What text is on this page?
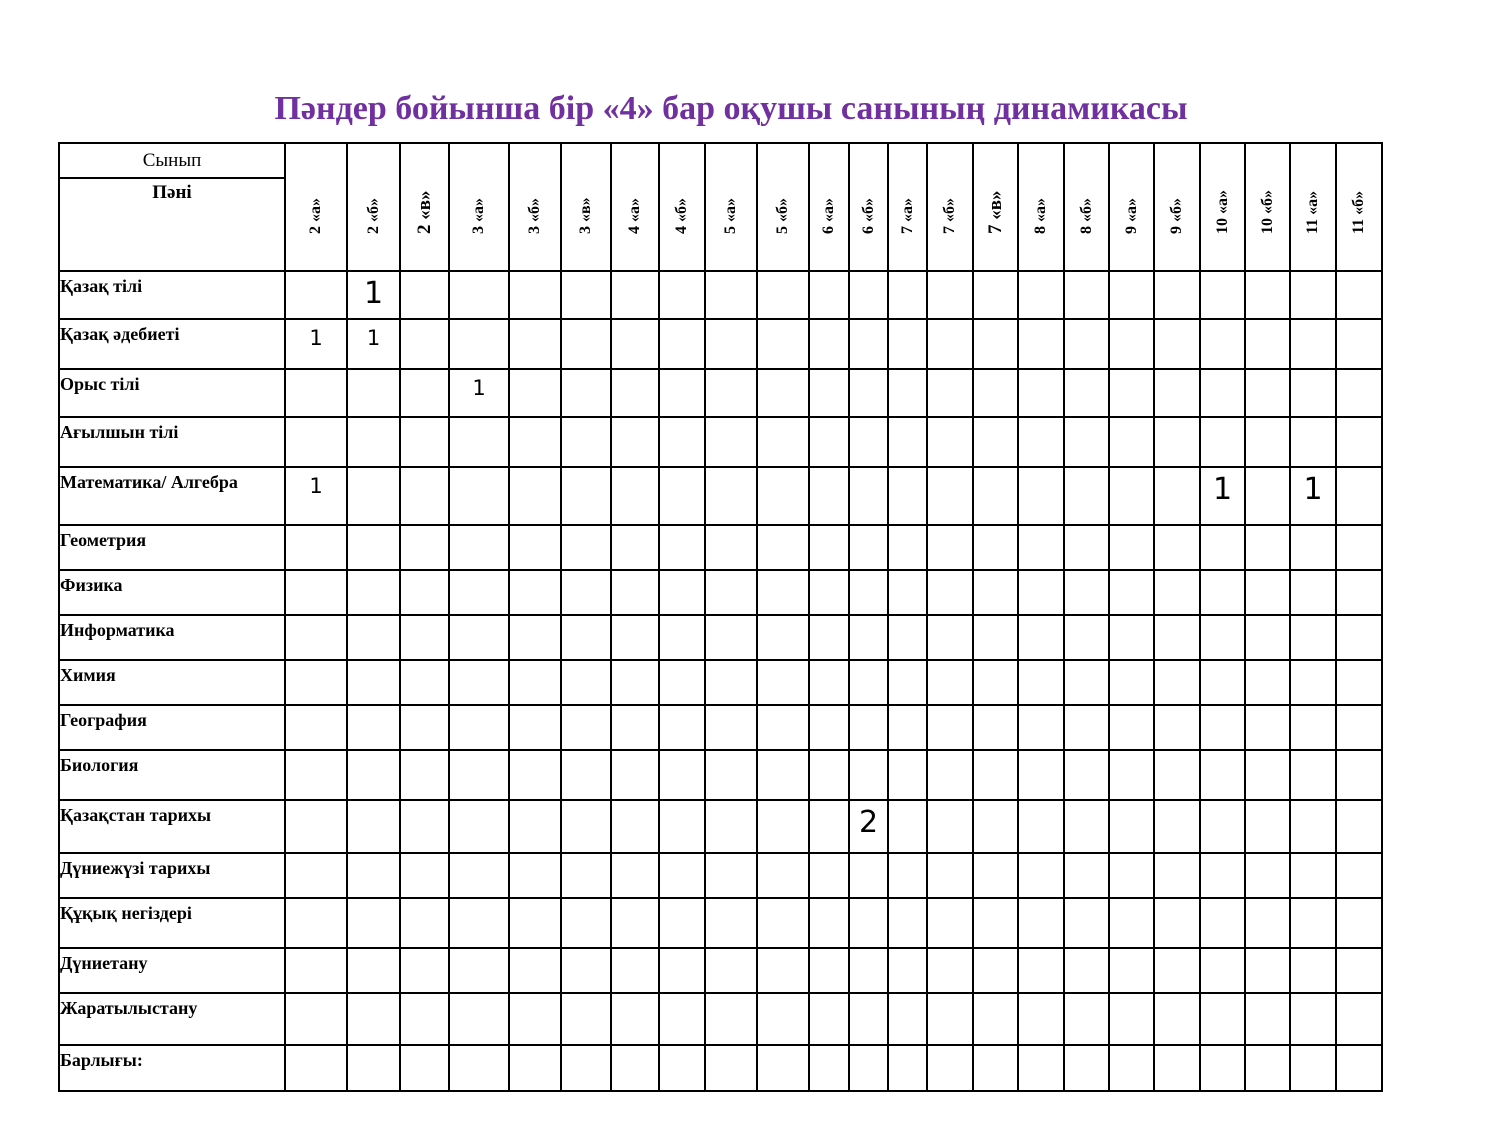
Пәндер бойынша бір «4» бар оқушы санының динамикасы
Сынып
Пәні	2 «а»	2 «б»	2 «в»	3 «а»	3 «б»	3 «в»	4 «а»	4 «б»	5 «а»	5 «б»	6 «а»	6 «б»	7 «а»	7 «б»	7 «в»	8 «а»	8 «б»	9 «а»	9 «б»	10 «а»	10 «б»	11 «а»	11 «б»

Қазақ тілі		1																					

Қазақ әдебиеті	1	1																					

Орыс тілі				1																			

Ағылшын тілі	

Математика/ Алгебра	1																			1		1	

Геометрия	

Физика	

Информатика	

Химия	

География	

Биология	

Қазақстан тарихы												2											

Дүниежүзі тарихы	

Құқық негіздері	

Дүниетану	

Жаратылыстану	

Барлығы:	
